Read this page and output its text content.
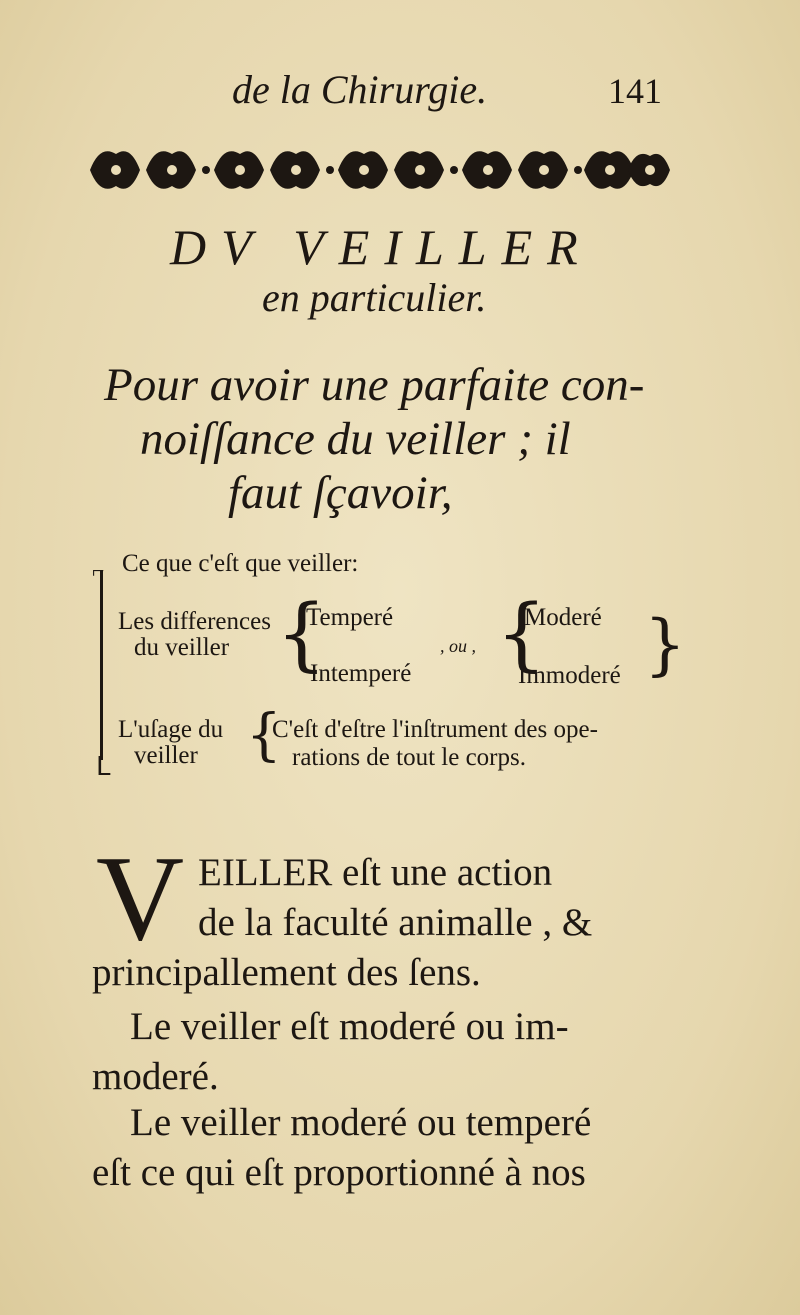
de la Chirurgie.	141
DV VEILLER
en particulier.
Pour avoir une parfaite con-
noiſſance du veiller ; il
faut ſçavoir,
⌐
ᒪ
Ce que c'eſt que veiller:
Les differences
du veiller {
Temperé
Intemperé
, ou , {
Moderé
Immoderé }
L'uſage du
veiller {
C'eſt d'eſtre l'inſtrument des ope-
rations de tout le corps.
V EILLER eſt une action
de la faculté animalle , &
principallement des ſens.
Le veiller eſt moderé ou im-
moderé.
Le veiller moderé ou temperé
eſt ce qui eſt proportionné à nos
